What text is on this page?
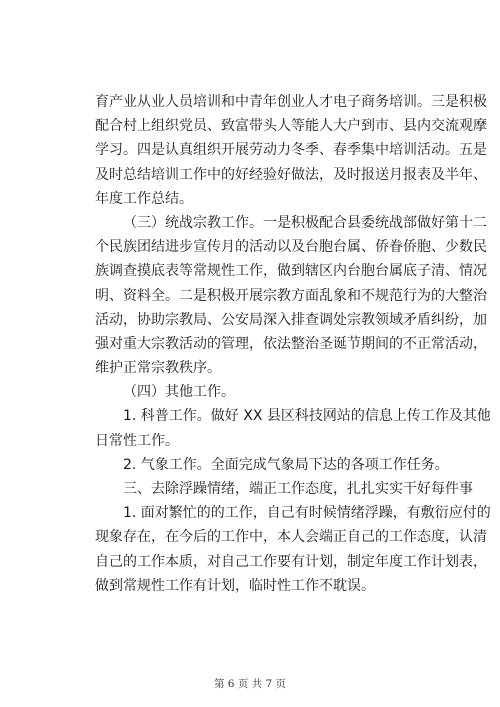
育产业从业人员培训和中青年创业人才电子商务培训。三是积极
配合村上组织党员、致富带头人等能人大户到市、县内交流观摩
学习。四是认真组织开展劳动力冬季、春季集中培训活动。五是
及时总结培训工作中的好经验好做法，及时报送月报表及半年、
年度工作总结。
（三）统战宗教工作。一是积极配合县委统战部做好第十二
个民族团结进步宣传月的活动以及台胞台属、侨眷侨胞、少数民
族调查摸底表等常规性工作，做到辖区内台胞台属底子清、情况
明、资料全。二是积极开展宗教方面乱象和不规范行为的大整治
活动，协助宗教局、公安局深入排查调处宗教领域矛盾纠纷，加
强对重大宗教活动的管理，依法整治圣诞节期间的不正常活动，
维护正常宗教秩序。
（四）其他工作。
1. 科普工作。做好 XX 县区科技网站的信息上传工作及其他
日常性工作。
2. 气象工作。全面完成气象局下达的各项工作任务。
三、去除浮躁情绪，端正工作态度，扎扎实实干好每件事
1. 面对繁忙的的工作，自己有时候情绪浮躁，有敷衍应付的
现象存在，在今后的工作中，本人会端正自己的工作态度，认清
自己的工作本质，对自己工作要有计划，制定年度工作计划表，
做到常规性工作有计划，临时性工作不耽误。
第 6 页 共 7 页
